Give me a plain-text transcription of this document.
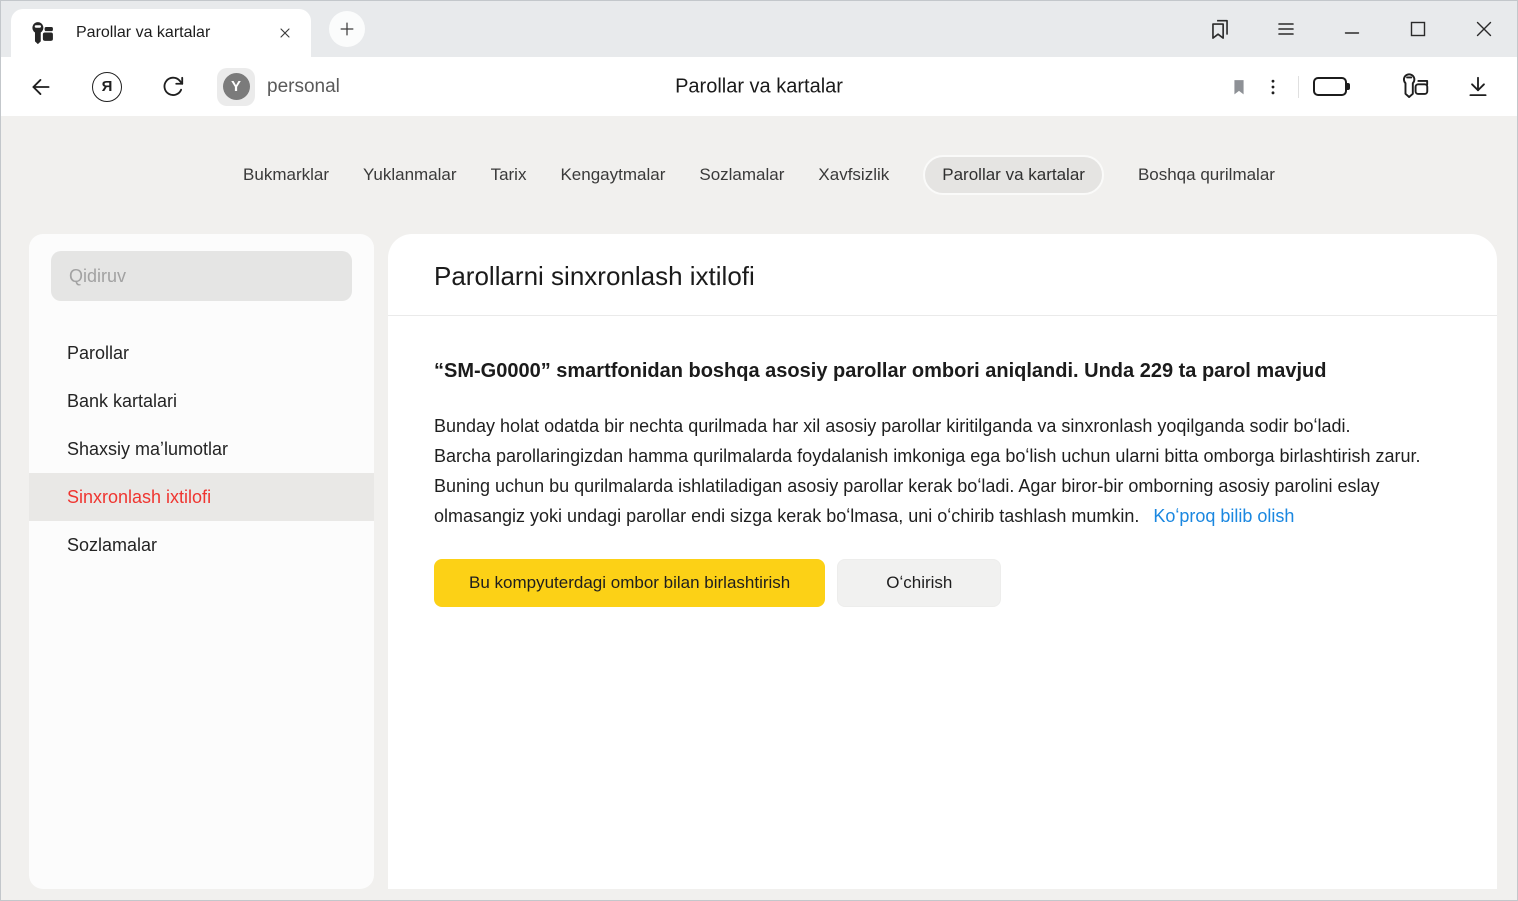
Parollar va kartalar
Я	Y	personal	Parollar va kartalar
Bukmarklar Yuklanmalar Tarix Kengaytmalar Sozlamalar Xavfsizlik	Parollar va kartalar	Boshqa qurilmalar
Qidiruv
Parollar
Bank kartalari
Shaxsiy maʼlumotlar
Sinxronlash ixtilofi
Sozlamalar
Parollarni sinxronlash ixtilofi
“SM-G0000” smartfonidan boshqa asosiy parollar ombori aniqlandi. Unda 229 ta parol mavjud

Bunday holat odatda bir nechta qurilmada har xil asosiy parollar kiritilganda va sinxronlash yoqilganda sodir boʻladi.

Barcha parollaringizdan hamma qurilmalarda foydalanish imkoniga ega boʻlish uchun ularni bitta omborga birlashtirish zarur. Buning uchun bu qurilmalarda ishlatiladigan asosiy parollar kerak boʻladi. Agar biror-bir omborning asosiy parolini eslay olmasangiz yoki undagi parollar endi sizga kerak boʻlmasa, uni oʻchirib tashlash mumkin. Koʻproq bilib olish

Bu kompyuterdagi ombor bilan birlashtirish	Oʻchirish
